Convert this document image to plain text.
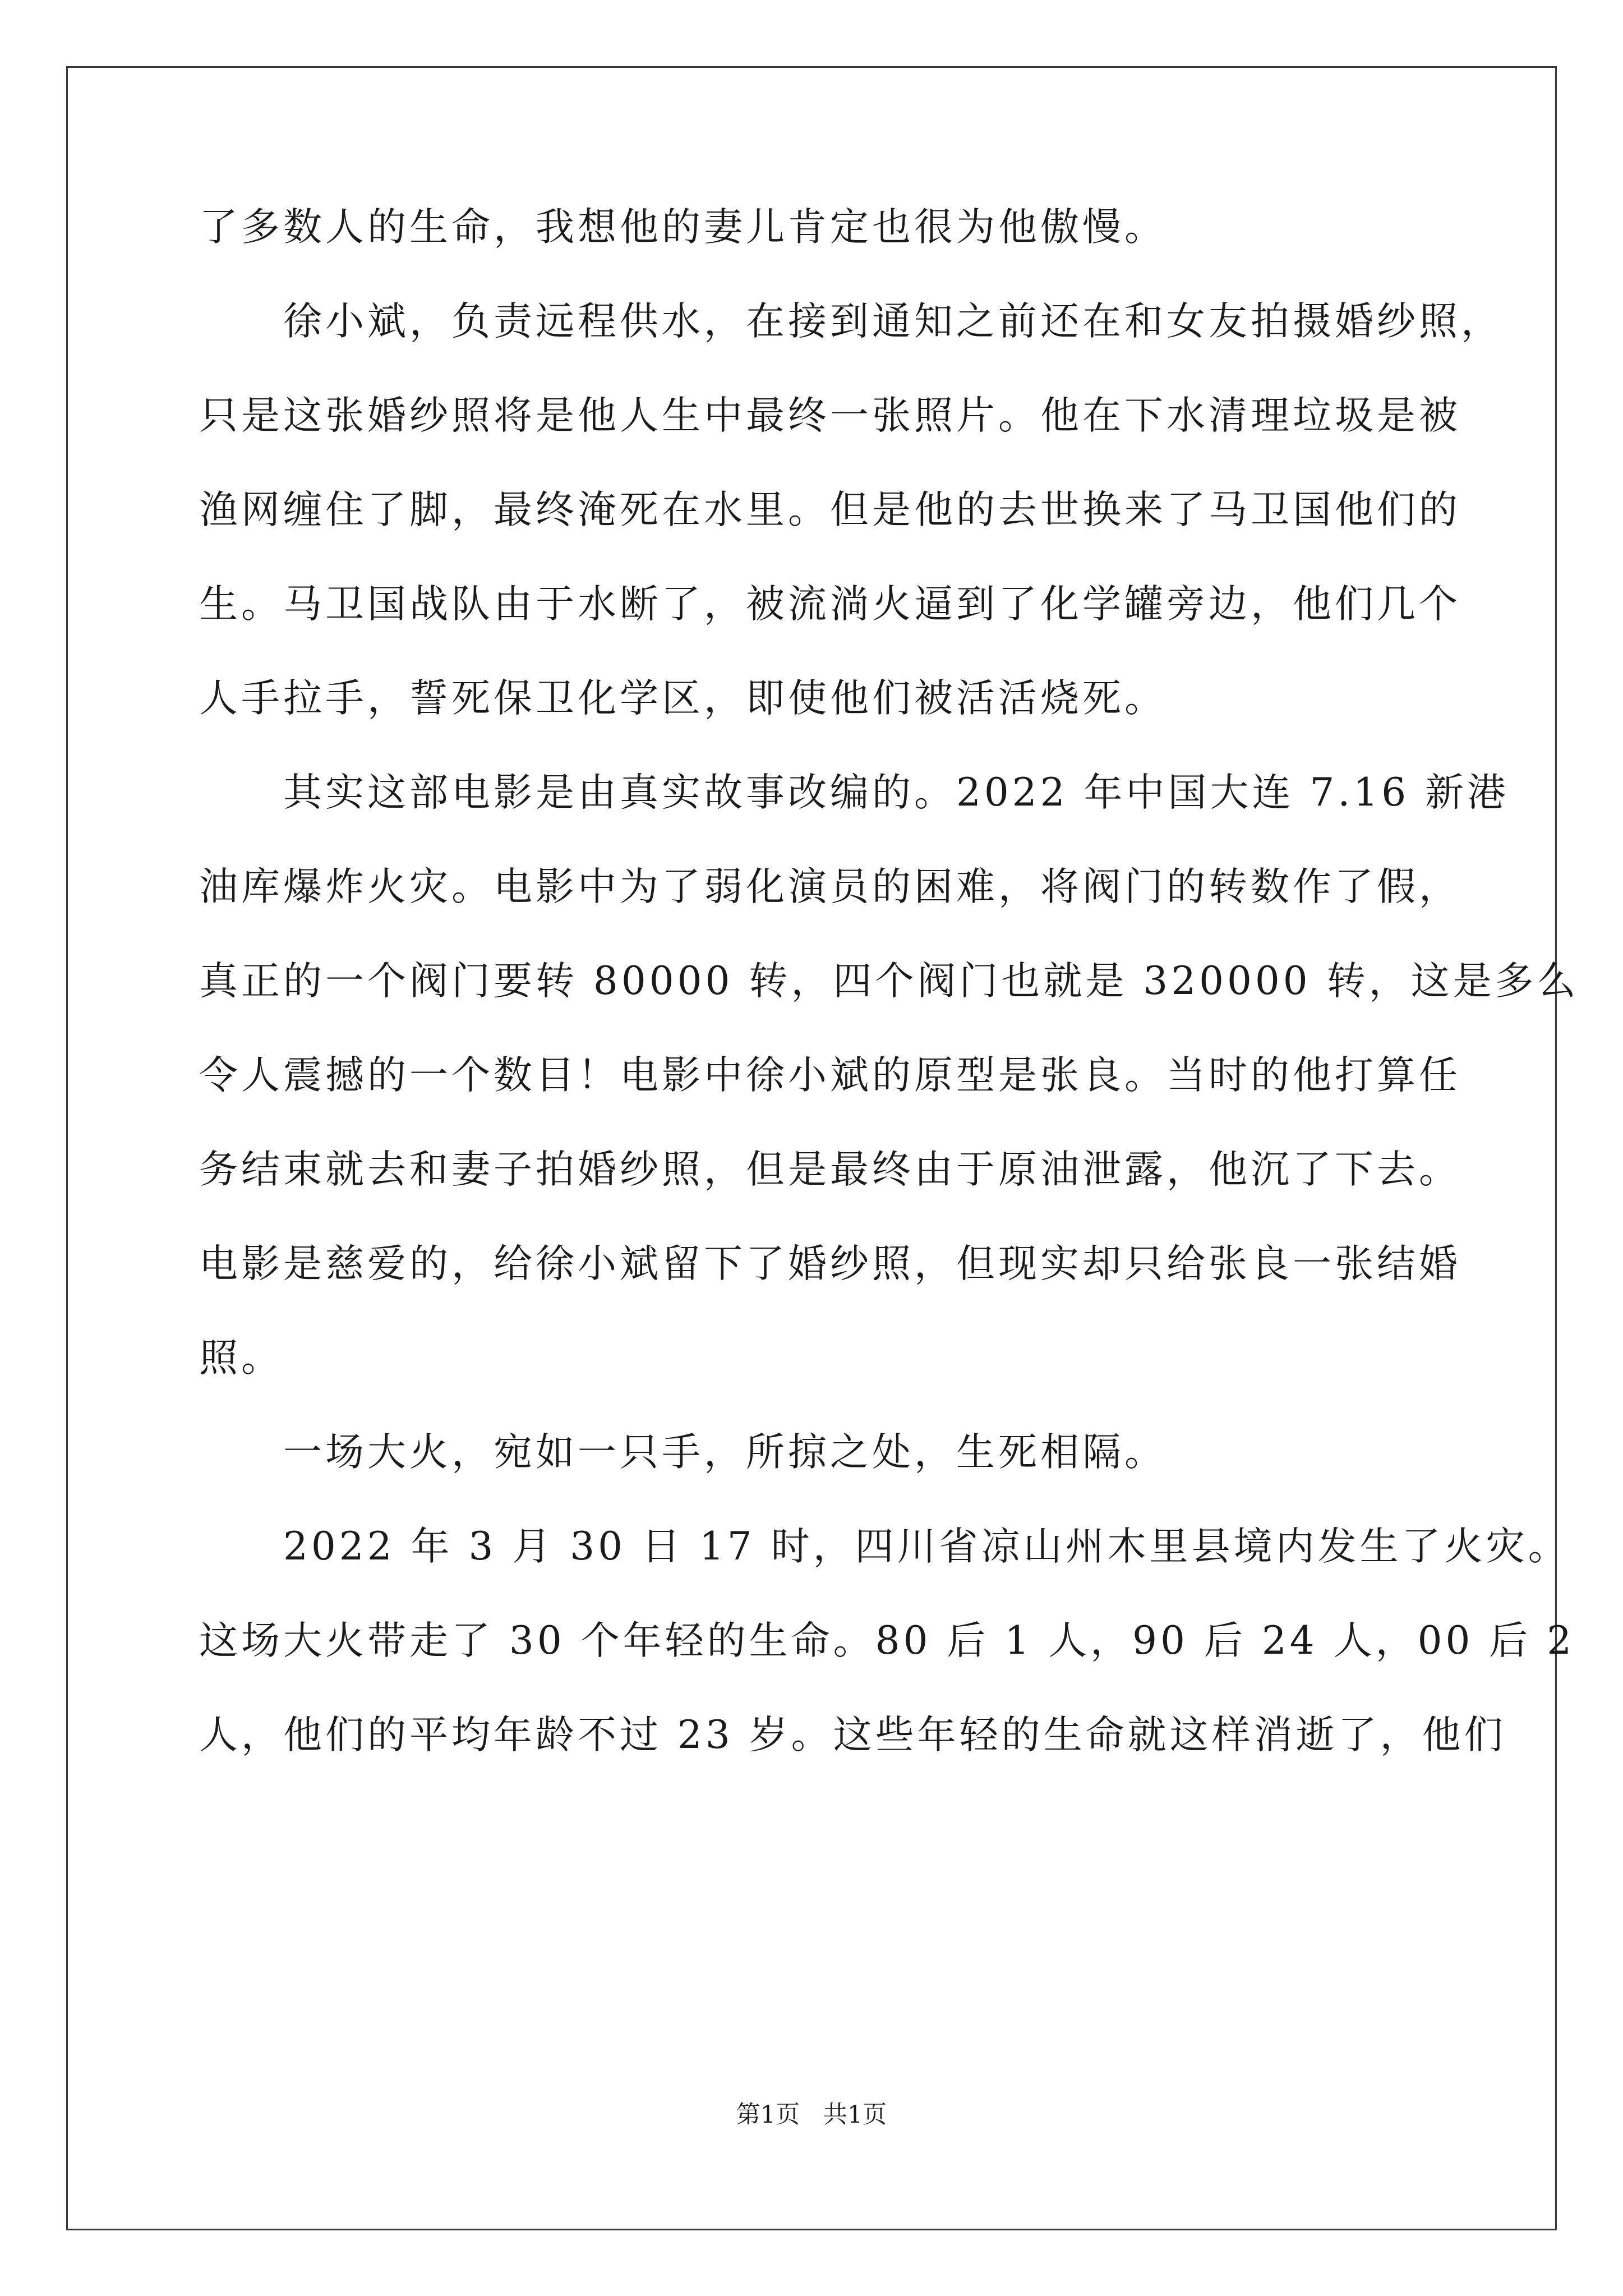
了多数人的生命，我想他的妻儿肯定也很为他傲慢。
　　徐小斌，负责远程供水，在接到通知之前还在和女友拍摄婚纱照，
只是这张婚纱照将是他人生中最终一张照片。他在下水清理垃圾是被
渔网缠住了脚，最终淹死在水里。但是他的去世换来了马卫国他们的
生。马卫国战队由于水断了，被流淌火逼到了化学罐旁边，他们几个
人手拉手，誓死保卫化学区，即使他们被活活烧死。
　　其实这部电影是由真实故事改编的。2022 年中国大连 7.16 新港
油库爆炸火灾。电影中为了弱化演员的困难，将阀门的转数作了假，
真正的一个阀门要转 80000 转，四个阀门也就是 320000 转，这是多么
令人震撼的一个数目！电影中徐小斌的原型是张良。当时的他打算任
务结束就去和妻子拍婚纱照，但是最终由于原油泄露，他沉了下去。
电影是慈爱的，给徐小斌留下了婚纱照，但现实却只给张良一张结婚
照。
　　一场大火，宛如一只手，所掠之处，生死相隔。
　　2022 年 3 月 30 日 17 时，四川省凉山州木里县境内发生了火灾。
这场大火带走了 30 个年轻的生命。80 后 1 人，90 后 24 人，00 后 2
人，他们的平均年龄不过 23 岁。这些年轻的生命就这样消逝了，他们
第1页 共1页
